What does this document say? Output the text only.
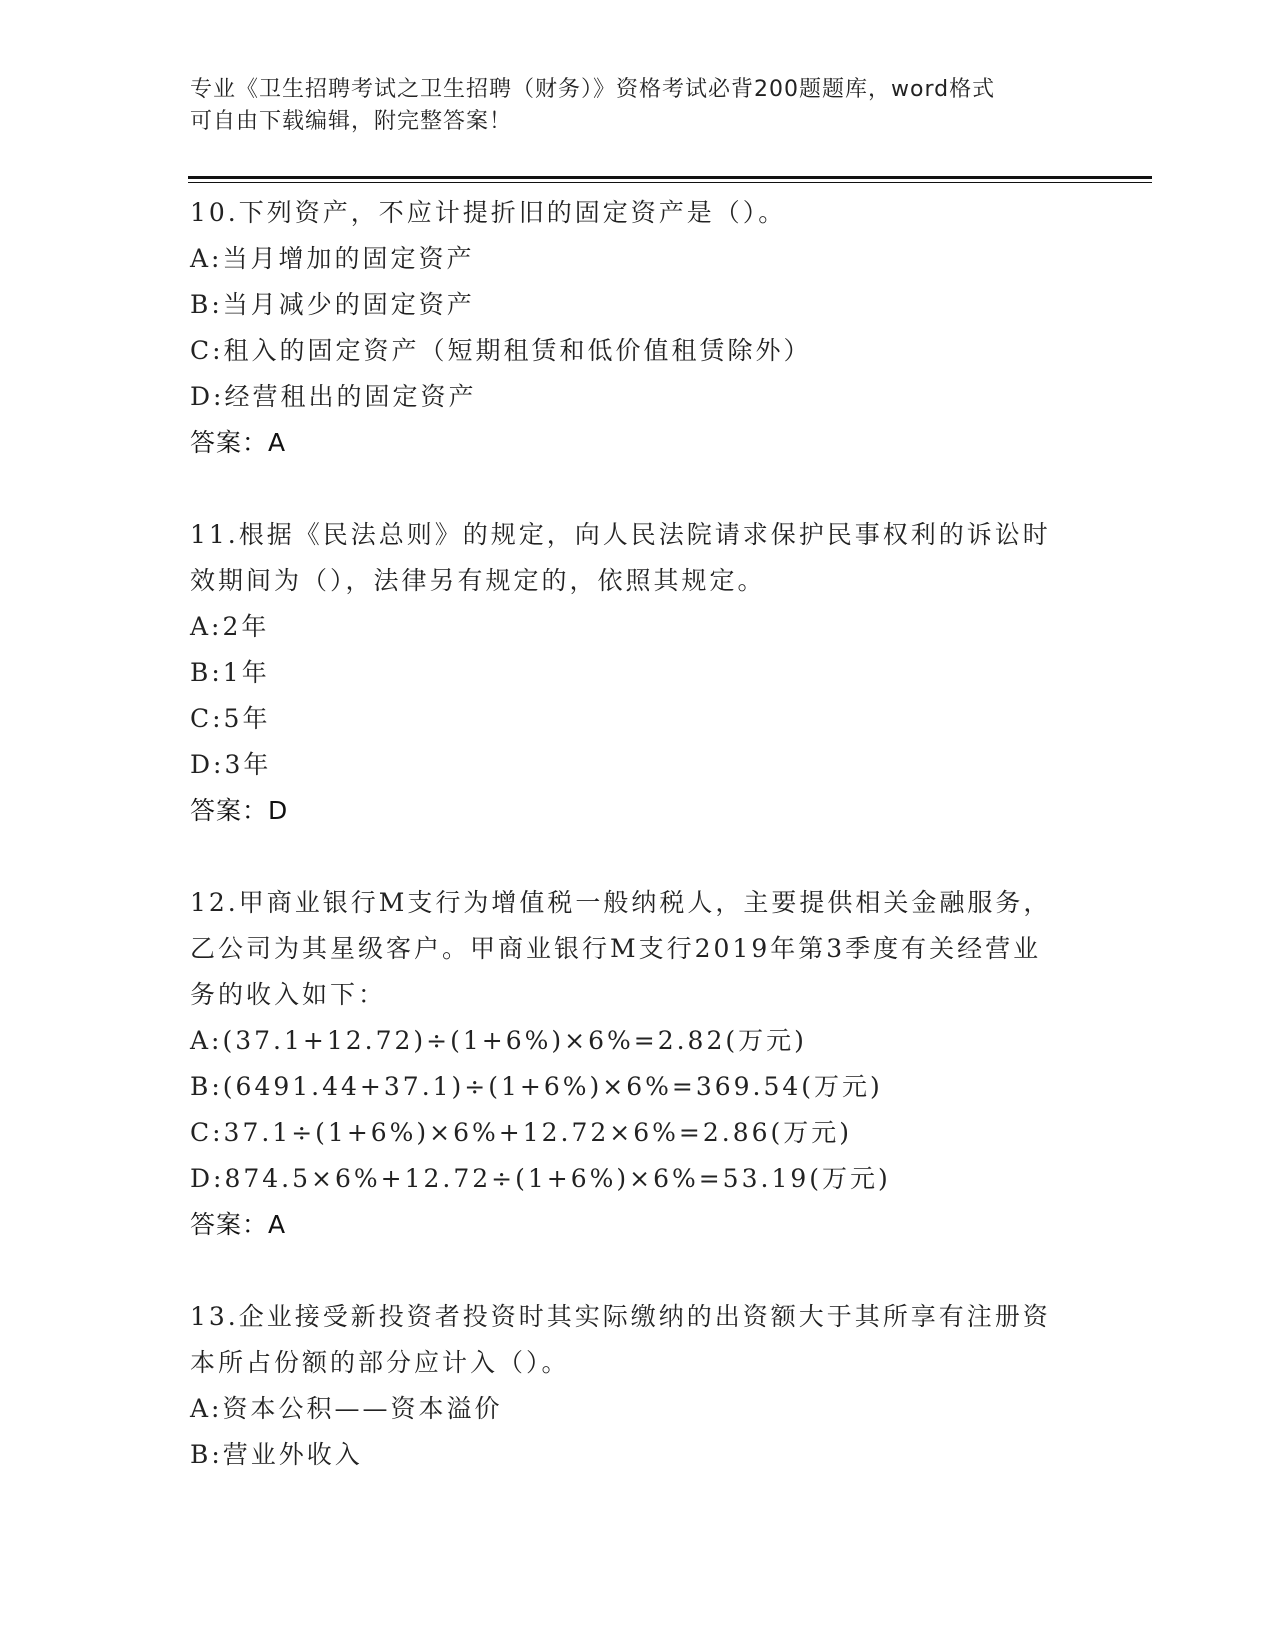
专业《卫生招聘考试之卫生招聘（财务）》资格考试必背200题题库，word格式
可自由下载编辑，附完整答案！
10.下列资产，不应计提折旧的固定资产是（）。
A:当月增加的固定资产
B:当月减少的固定资产
C:租入的固定资产（短期租赁和低价值租赁除外）
D:经营租出的固定资产
答案：A
11.根据《民法总则》的规定，向人民法院请求保护民事权利的诉讼时
效期间为（），法律另有规定的，依照其规定。
A:2年
B:1年
C:5年
D:3年
答案：D
12.甲商业银行M支行为增值税一般纳税人，主要提供相关金融服务，
乙公司为其星级客户。甲商业银行M支行2019年第3季度有关经营业
务的收入如下：
A:(37.1+12.72)÷(1+6%)×6%=2.82(万元)
B:(6491.44+37.1)÷(1+6%)×6%=369.54(万元)
C:37.1÷(1+6%)×6%+12.72×6%=2.86(万元)
D:874.5×6%+12.72÷(1+6%)×6%=53.19(万元)
答案：A
13.企业接受新投资者投资时其实际缴纳的出资额大于其所享有注册资
本所占份额的部分应计入（）。
A:资本公积——资本溢价
B:营业外收入
